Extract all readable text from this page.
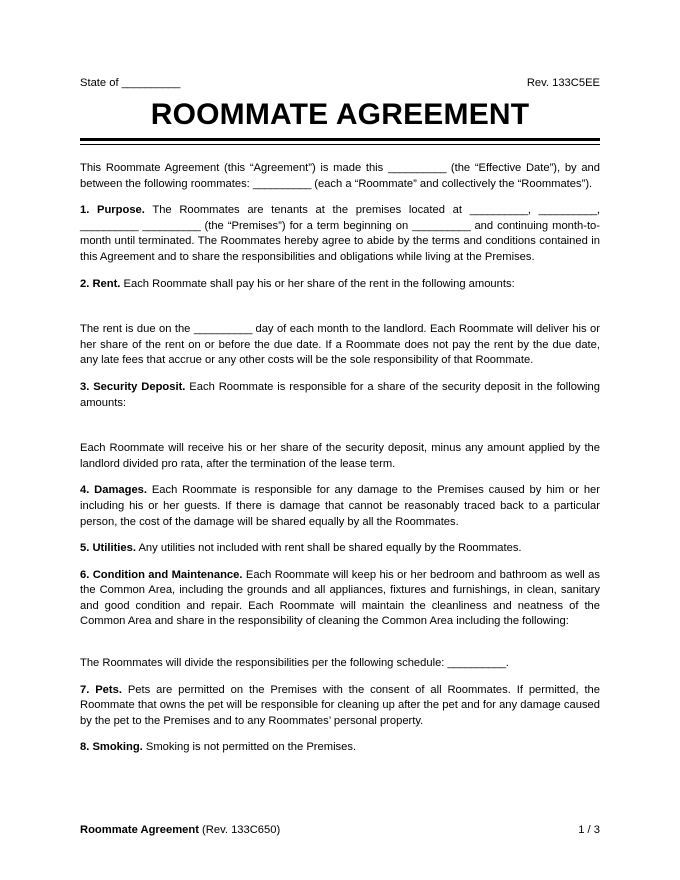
State of __________	Rev. 133C5EE
ROOMMATE AGREEMENT

This Roommate Agreement (this “Agreement”) is made this __________ (the “Effective Date”), by and between the following roommates: __________ (each a “Roommate” and collectively the “Roommates”).

1. Purpose. The Roommates are tenants at the premises located at __________, __________, __________ __________ (the “Premises”) for a term beginning on __________ and continuing month-to-month until terminated. The Roommates hereby agree to abide by the terms and conditions contained in this Agreement and to share the responsibilities and obligations while living at the Premises.

2. Rent. Each Roommate shall pay his or her share of the rent in the following amounts:

The rent is due on the __________ day of each month to the landlord. Each Roommate will deliver his or her share of the rent on or before the due date. If a Roommate does not pay the rent by the due date, any late fees that accrue or any other costs will be the sole responsibility of that Roommate.

3. Security Deposit. Each Roommate is responsible for a share of the security deposit in the following amounts:

Each Roommate will receive his or her share of the security deposit, minus any amount applied by the landlord divided pro rata, after the termination of the lease term.

4. Damages. Each Roommate is responsible for any damage to the Premises caused by him or her including his or her guests. If there is damage that cannot be reasonably traced back to a particular person, the cost of the damage will be shared equally by all the Roommates.

5. Utilities. Any utilities not included with rent shall be shared equally by the Roommates.

6. Condition and Maintenance. Each Roommate will keep his or her bedroom and bathroom as well as the Common Area, including the grounds and all appliances, fixtures and furnishings, in clean, sanitary and good condition and repair. Each Roommate will maintain the cleanliness and neatness of the Common Area and share in the responsibility of cleaning the Common Area including the following:

The Roommates will divide the responsibilities per the following schedule: __________.

7. Pets. Pets are permitted on the Premises with the consent of all Roommates. If permitted, the Roommate that owns the pet will be responsible for cleaning up after the pet and for any damage caused by the pet to the Premises and to any Roommates’ personal property.

8. Smoking. Smoking is not permitted on the Premises.

Roommate Agreement (Rev. 133C650)	1 / 3
